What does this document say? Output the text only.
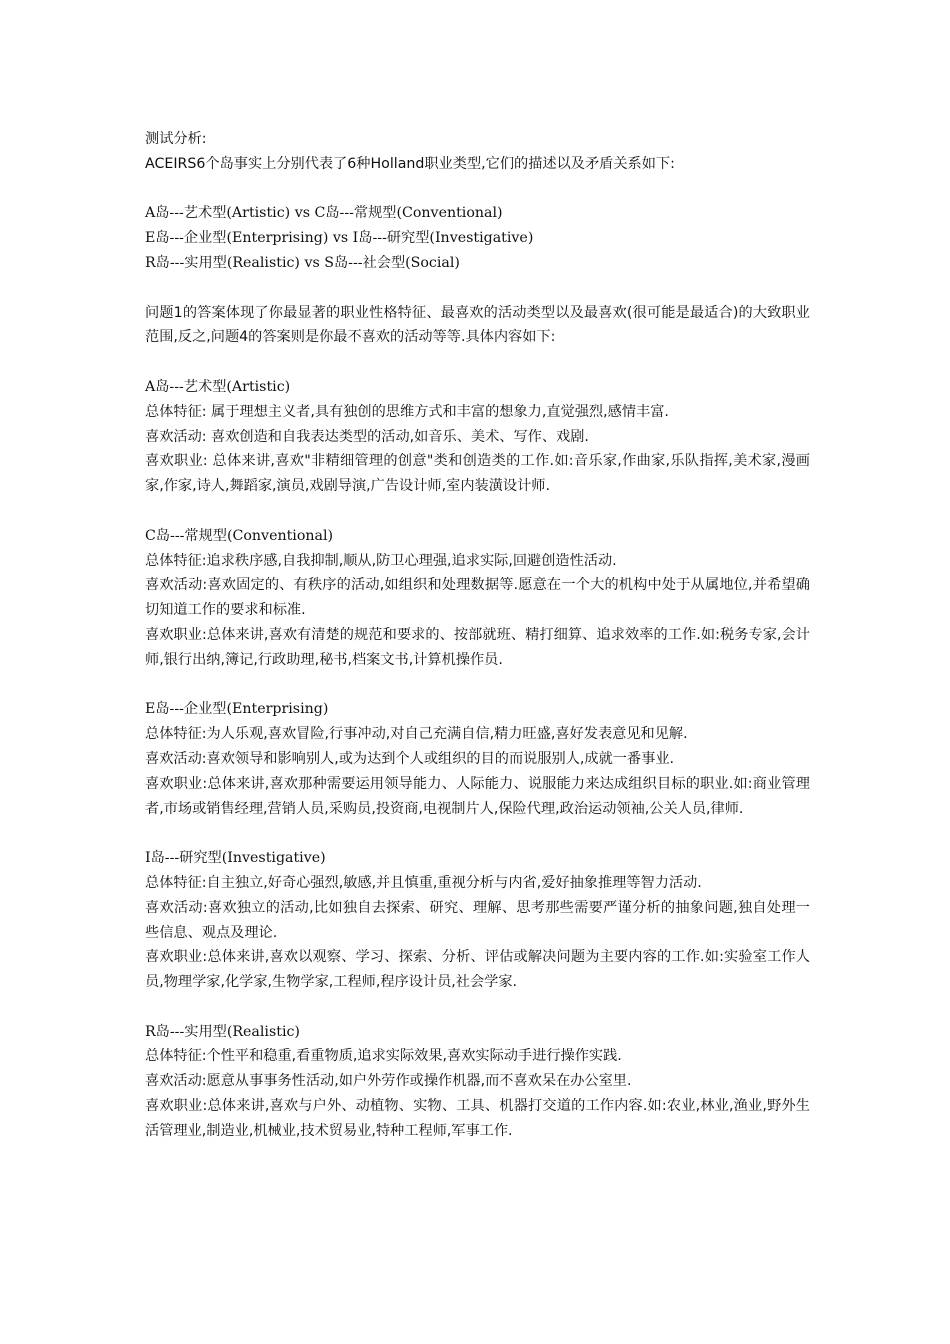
测试分析:

ACEIRS6个岛事实上分别代表了6种Holland职业类型,它们的描述以及矛盾关系如下:

A岛---艺术型(Artistic) vs C岛---常规型(Conventional)

E岛---企业型(Enterprising) vs I岛---研究型(Investigative)

R岛---实用型(Realistic) vs S岛---社会型(Social)

问题1的答案体现了你最显著的职业性格特征、最喜欢的活动类型以及最喜欢(很可能是最适合)的大致职业范围,反之,问题4的答案则是你最不喜欢的活动等等.具体内容如下:

A岛---艺术型(Artistic)

总体特征: 属于理想主义者,具有独创的思维方式和丰富的想象力,直觉强烈,感情丰富.

喜欢活动: 喜欢创造和自我表达类型的活动,如音乐、美术、写作、戏剧.

喜欢职业: 总体来讲,喜欢"非精细管理的创意"类和创造类的工作.如:音乐家,作曲家,乐队指挥,美术家,漫画家,作家,诗人,舞蹈家,演员,戏剧导演,广告设计师,室内装潢设计师.

C岛---常规型(Conventional)

总体特征:追求秩序感,自我抑制,顺从,防卫心理强,追求实际,回避创造性活动.

喜欢活动:喜欢固定的、有秩序的活动,如组织和处理数据等.愿意在一个大的机构中处于从属地位,并希望确切知道工作的要求和标准.

喜欢职业:总体来讲,喜欢有清楚的规范和要求的、按部就班、精打细算、追求效率的工作.如:税务专家,会计师,银行出纳,簿记,行政助理,秘书,档案文书,计算机操作员.

E岛---企业型(Enterprising)

总体特征:为人乐观,喜欢冒险,行事冲动,对自己充满自信,精力旺盛,喜好发表意见和见解.

喜欢活动:喜欢领导和影响别人,或为达到个人或组织的目的而说服别人,成就一番事业.

喜欢职业:总体来讲,喜欢那种需要运用领导能力、人际能力、说服能力来达成组织目标的职业.如:商业管理者,市场或销售经理,营销人员,采购员,投资商,电视制片人,保险代理,政治运动领袖,公关人员,律师.

I岛---研究型(Investigative)

总体特征:自主独立,好奇心强烈,敏感,并且慎重,重视分析与内省,爱好抽象推理等智力活动.

喜欢活动:喜欢独立的活动,比如独自去探索、研究、理解、思考那些需要严谨分析的抽象问题,独自处理一些信息、观点及理论.

喜欢职业:总体来讲,喜欢以观察、学习、探索、分析、评估或解决问题为主要内容的工作.如:实验室工作人员,物理学家,化学家,生物学家,工程师,程序设计员,社会学家.

R岛---实用型(Realistic)

总体特征:个性平和稳重,看重物质,追求实际效果,喜欢实际动手进行操作实践.

喜欢活动:愿意从事事务性活动,如户外劳作或操作机器,而不喜欢呆在办公室里.

喜欢职业:总体来讲,喜欢与户外、动植物、实物、工具、机器打交道的工作内容.如:农业,林业,渔业,野外生活管理业,制造业,机械业,技术贸易业,特种工程师,军事工作.
